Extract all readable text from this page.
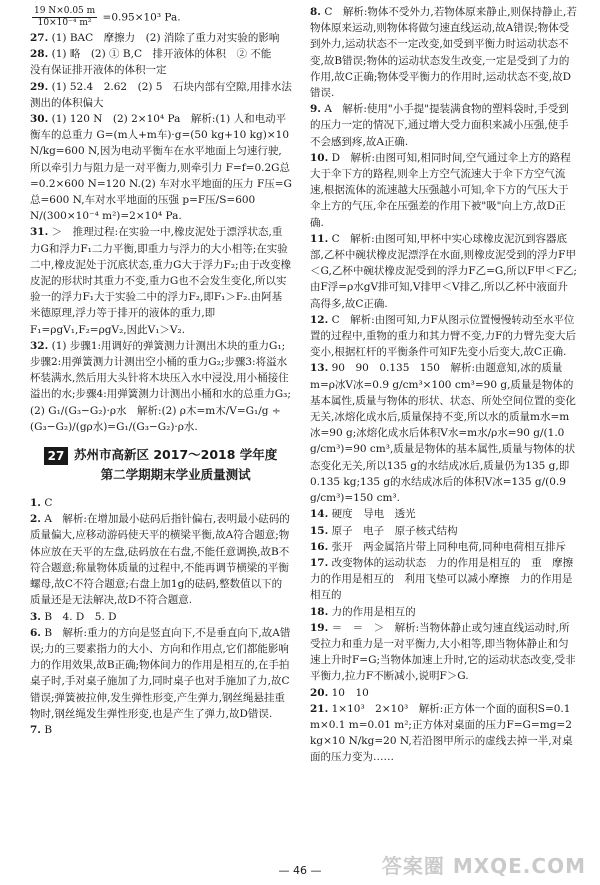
$\frac{19 N\times 0.05 m}{\text{10×10⁻⁴ m²}} =0.95\times 10^3$ Pa.

27. (1) BAC　摩擦力　(2) 消除了重力对实验的影响

28. (1) 略　(2) ① B,C　排开液体的体积　② 不能　没有保证排开液体的体积一定

29. (1) 52.4　2.62　(2) 5　石块内部有空隙,用排水法测出的体积偏大

30. (1) 120 N　(2) 2×10⁴ Pa　解析:(1) 人和电动平衡车的总重力 G=(m人+m车)·g=(50 kg+10 kg)×10 N/kg=600 N,因为电动平衡车在水平地面上匀速行驶,所以牵引力与阻力是一对平衡力,则牵引力 F=f=0.2G总=0.2×600 N=120 N.(2) 车对水平地面的压力 F压=G总=600 N,车对水平地面的压强 p=F压/S=600 N/(300×10⁻⁴ m²)=2×10⁴ Pa.

31. ＞　推理过程:在实验一中,橡皮泥处于漂浮状态,重力G和浮力F₁二力平衡,即重力与浮力的大小相等;在实验二中,橡皮泥处于沉底状态,重力G大于浮力F₂;由于改变橡皮泥的形状时其重力不变,重力G也不会发生变化,所以实验一的浮力F₁大于实验二中的浮力F₂,即F₁＞F₂.由阿基米德原理,浮力等于排开的液体的重力,即F₁=ρgV₁,F₂=ρgV₂,因此V₁＞V₂.

32. (1) 步骤1:用调好的弹簧测力计测出木块的重力G₁;步骤2:用弹簧测力计测出空小桶的重力G₂;步骤3:将溢水杯装满水,然后用大头针将木块压入水中浸没,用小桶接住溢出的水;步骤4:用弹簧测力计测出小桶和水的总重力G₃;(2) G₁/(G₃−G₂)·ρ水　解析:(2) ρ木=m木/V=G₁/g ÷ (G₃−G₂)/(gρ水)=G₁/(G₃−G₂)·ρ水.

27 苏州市高新区 2017～2018 学年度
第二学期期末学业质量测试

1. C

2. A　解析:在增加最小砝码后指针偏右,表明最小砝码的质量偏大,应移动游码使天平的横梁平衡,故A符合题意;物体应放在天平的左盘,砝码放在右盘,不能任意调换,故B不符合题意;称量物体质量的过程中,不能再调节横梁的平衡螺母,故C不符合题意;右盘上加1g的砝码,整数值以下的质量还是无法解决,故D不符合题意.

3. B　4. D　5. D

6. B　解析:重力的方向是竖直向下,不是垂直向下,故A错误;力的三要素指力的大小、方向和作用点,它们都能影响力的作用效果,故B正确;物体间力的作用是相互的,在手拍桌子时,手对桌子施加了力,同时桌子也对手施加了力,故C错误;弹簧被拉伸,发生弹性形变,产生弹力,钢丝绳悬挂重物时,钢丝绳发生弹性形变,也是产生了弹力,故D错误.

7. B

8. C　解析:物体不受外力,若物体原来静止,则保持静止,若物体原来运动,则物体将做匀速直线运动,故A错误;物体受到外力,运动状态不一定改变,如受到平衡力时运动状态不变,故B错误;物体的运动状态发生改变,一定是受到了力的作用,故C正确;物体受平衡力的作用时,运动状态不变,故D错误.

9. A　解析:使用"小手提"提装满食物的塑料袋时,手受到的压力一定的情况下,通过增大受力面积来减小压强,使手不会感到疼,故A正确.

10. D　解析:由图可知,相同时间,空气通过伞上方的路程大于伞下方的路程,则伞上方空气流速大于伞下方空气流速,根据流体的流速越大压强越小可知,伞下方的气压大于伞上方的气压,伞在压强差的作用下被"吸"向上方,故D正确.

11. C　解析:由图可知,甲杯中实心球橡皮泥沉到容器底部,乙杯中碗状橡皮泥漂浮在水面,则橡皮泥受到的浮力F甲＜G,乙杯中碗状橡皮泥受到的浮力F乙=G,所以F甲＜F乙;由F浮=ρ水gV排可知,V排甲＜V排乙,所以乙杯中液面升高得多,故C正确.

12. C　解析:由图可知,力F从图示位置慢慢转动至水平位置的过程中,重物的重力和其力臂不变,力F的力臂先变大后变小,根据杠杆的平衡条件可知F先变小后变大,故C正确.

13. 90　90　0.135　150　解析:由题意知,冰的质量m=ρ冰V冰=0.9 g/cm³×100 cm³=90 g,质量是物体的基本属性,质量与物体的形状、状态、所处空间位置的变化无关,冰熔化成水后,质量保持不变,所以水的质量m水=m冰=90 g;冰熔化成水后体积V水=m水/ρ水=90 g/(1.0 g/cm³)=90 cm³,质量是物体的基本属性,质量与物体的状态变化无关,所以135 g的水结成冰后,质量仍为135 g,即0.135 kg;135 g的水结成冰后的体积V冰=135 g/(0.9 g/cm³)=150 cm³.

14. 硬度　导电　透光

15. 原子　电子　原子核式结构

16. 张开　两金属箔片带上同种电荷,同种电荷相互排斥

17. 改变物体的运动状态　力的作用是相互的　重　摩擦力的作用是相互的　利用飞垫可以减小摩擦　力的作用是相互的

18. 力的作用是相互的

19. ＝　＝　＞　解析:当物体静止或匀速直线运动时,所受拉力和重力是一对平衡力,大小相等,即当物体静止和匀速上升时F=G;当物体加速上升时,它的运动状态改变,受非平衡力,拉力F不断减小,说明F＞G.

20. 10　10

21. 1×10³　2×10³　解析:正方体一个面的面积S=0.1 m×0.1 m=0.01 m²;正方体对桌面的压力F=G=mg=2 kg×10 N/kg=20 N,若沿图甲所示的虚线去掉一半,对桌面的压力变为……

— 46 —	答案圈 MXQE.COM
